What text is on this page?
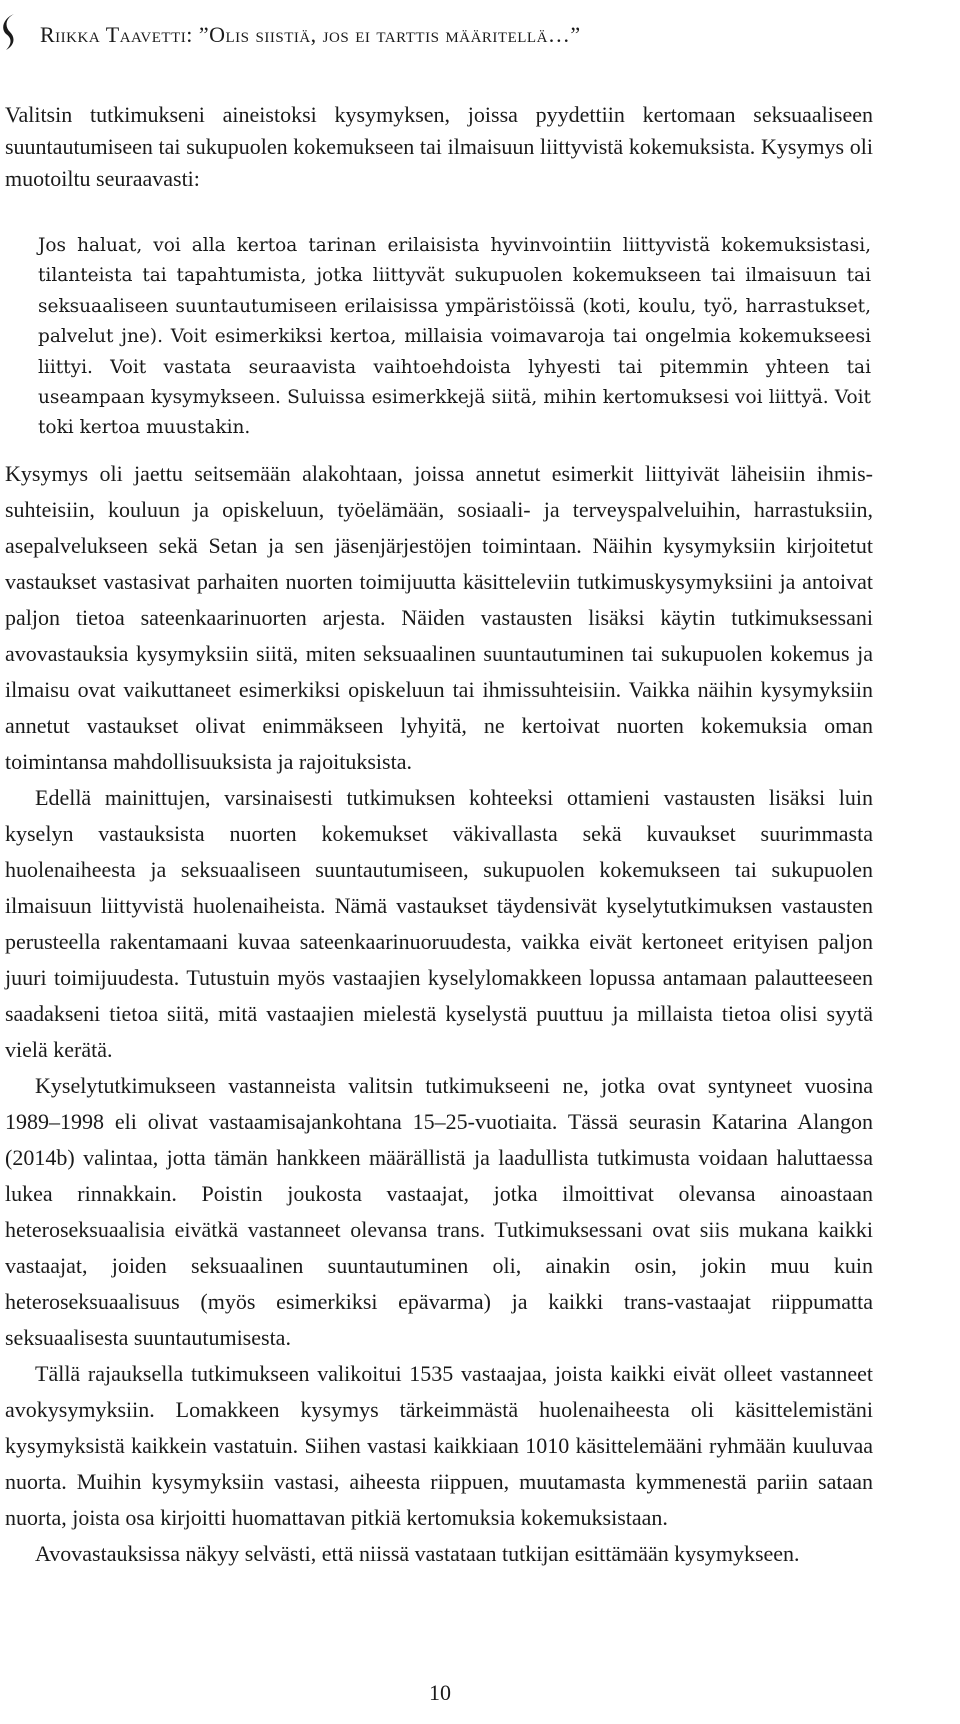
Riikka Taavetti: ”Olis siistiä, jos ei tarttis määritellä…”

Valitsin tutkimukseni aineistoksi kysymyksen, joissa pyydettiin kertomaan seksuaaliseen suuntautumiseen tai sukupuolen kokemukseen tai ilmaisuun liittyvistä kokemuksista. Kysymys oli muotoiltu seuraavasti:

Jos haluat, voi alla kertoa tarinan erilaisista hyvinvointiin liittyvistä kokemuksistasi, tilanteista tai tapahtumista, jotka liittyvät sukupuolen kokemukseen tai ilmaisuun tai seksuaaliseen suuntautumiseen erilaisissa ympäristöissä (koti, koulu, työ, harrastukset, palvelut jne). Voit esimerkiksi kertoa, millaisia voimavaroja tai ongelmia kokemukseesi liittyi. Voit vastata seuraavista vaihtoehdoista lyhyesti tai pitemmin yhteen tai useampaan kysymykseen. Suluissa esimerkkejä siitä, mihin kertomuksesi voi liittyä. Voit toki kertoa muustakin.

Kysymys oli jaettu seitsemään alakohtaan, joissa annetut esimerkit liittyivät läheisiin ihmissuhteisiin, kouluun ja opiskeluun, työelämään, sosiaali- ja terveyspalveluihin, harrastuksiin, asepalvelukseen sekä Setan ja sen jäsenjärjestöjen toimintaan. Näihin kysymyksiin kirjoitetut vastaukset vastasivat parhaiten nuorten toimijuutta käsitteleviin tutkimuskysymyksiini ja antoivat paljon tietoa sateenkaarinuorten arjesta. Näiden vastausten lisäksi käytin tutkimuksessani avovastauksia kysymyksiin siitä, miten seksuaalinen suuntautuminen tai sukupuolen kokemus ja ilmaisu ovat vaikuttaneet esimerkiksi opiskeluun tai ihmissuhteisiin. Vaikka näihin kysymyksiin annetut vastaukset olivat enimmäkseen lyhyitä, ne kertoivat nuorten kokemuksia oman toimintansa mahdollisuuksista ja rajoituksista.

Edellä mainittujen, varsinaisesti tutkimuksen kohteeksi ottamieni vastausten lisäksi luin kyselyn vastauksista nuorten kokemukset väkivallasta sekä kuvaukset suurimmasta huolenaiheesta ja seksuaaliseen suuntautumiseen, sukupuolen kokemukseen tai sukupuolen ilmaisuun liittyvistä huolenaiheista. Nämä vastaukset täydensivät kyselytutkimuksen vastausten perusteella rakentamaani kuvaa sateenkaarinuoruudesta, vaikka eivät kertoneet erityisen paljon juuri toimijuudesta. Tutustuin myös vastaajien kyselylomakkeen lopussa antamaan palautteeseen saadakseni tietoa siitä, mitä vastaajien mielestä kyselystä puuttuu ja millaista tietoa olisi syytä vielä kerätä.

Kyselytutkimukseen vastanneista valitsin tutkimukseeni ne, jotka ovat syntyneet vuosina 1989–1998 eli olivat vastaamisajankohtana 15–25-vuotiaita. Tässä seurasin Katarina Alangon (2014b) valintaa, jotta tämän hankkeen määrällistä ja laadullista tutkimusta voidaan haluttaessa lukea rinnakkain. Poistin joukosta vastaajat, jotka ilmoittivat olevansa ainoastaan heteroseksuaalisia eivätkä vastanneet olevansa trans. Tutkimuksessani ovat siis mukana kaikki vastaajat, joiden seksuaalinen suuntautuminen oli, ainakin osin, jokin muu kuin heteroseksuaalisuus (myös esimerkiksi epävarma) ja kaikki trans-vastaajat riippumatta seksuaalisesta suuntautumisesta.

Tällä rajauksella tutkimukseen valikoitui 1535 vastaajaa, joista kaikki eivät olleet vastanneet avokysymyksiin. Lomakkeen kysymys tärkeimmästä huolenaiheesta oli käsittelemistäni kysymyksistä kaikkein vastatuin. Siihen vastasi kaikkiaan 1010 käsittelemääni ryhmään kuuluvaa nuorta. Muihin kysymyksiin vastasi, aiheesta riippuen, muutamasta kymmenestä pariin sataan nuorta, joista osa kirjoitti huomattavan pitkiä kertomuksia kokemuksistaan.

Avovastauksissa näkyy selvästi, että niissä vastataan tutkijan esittämään kysymykseen.

10
